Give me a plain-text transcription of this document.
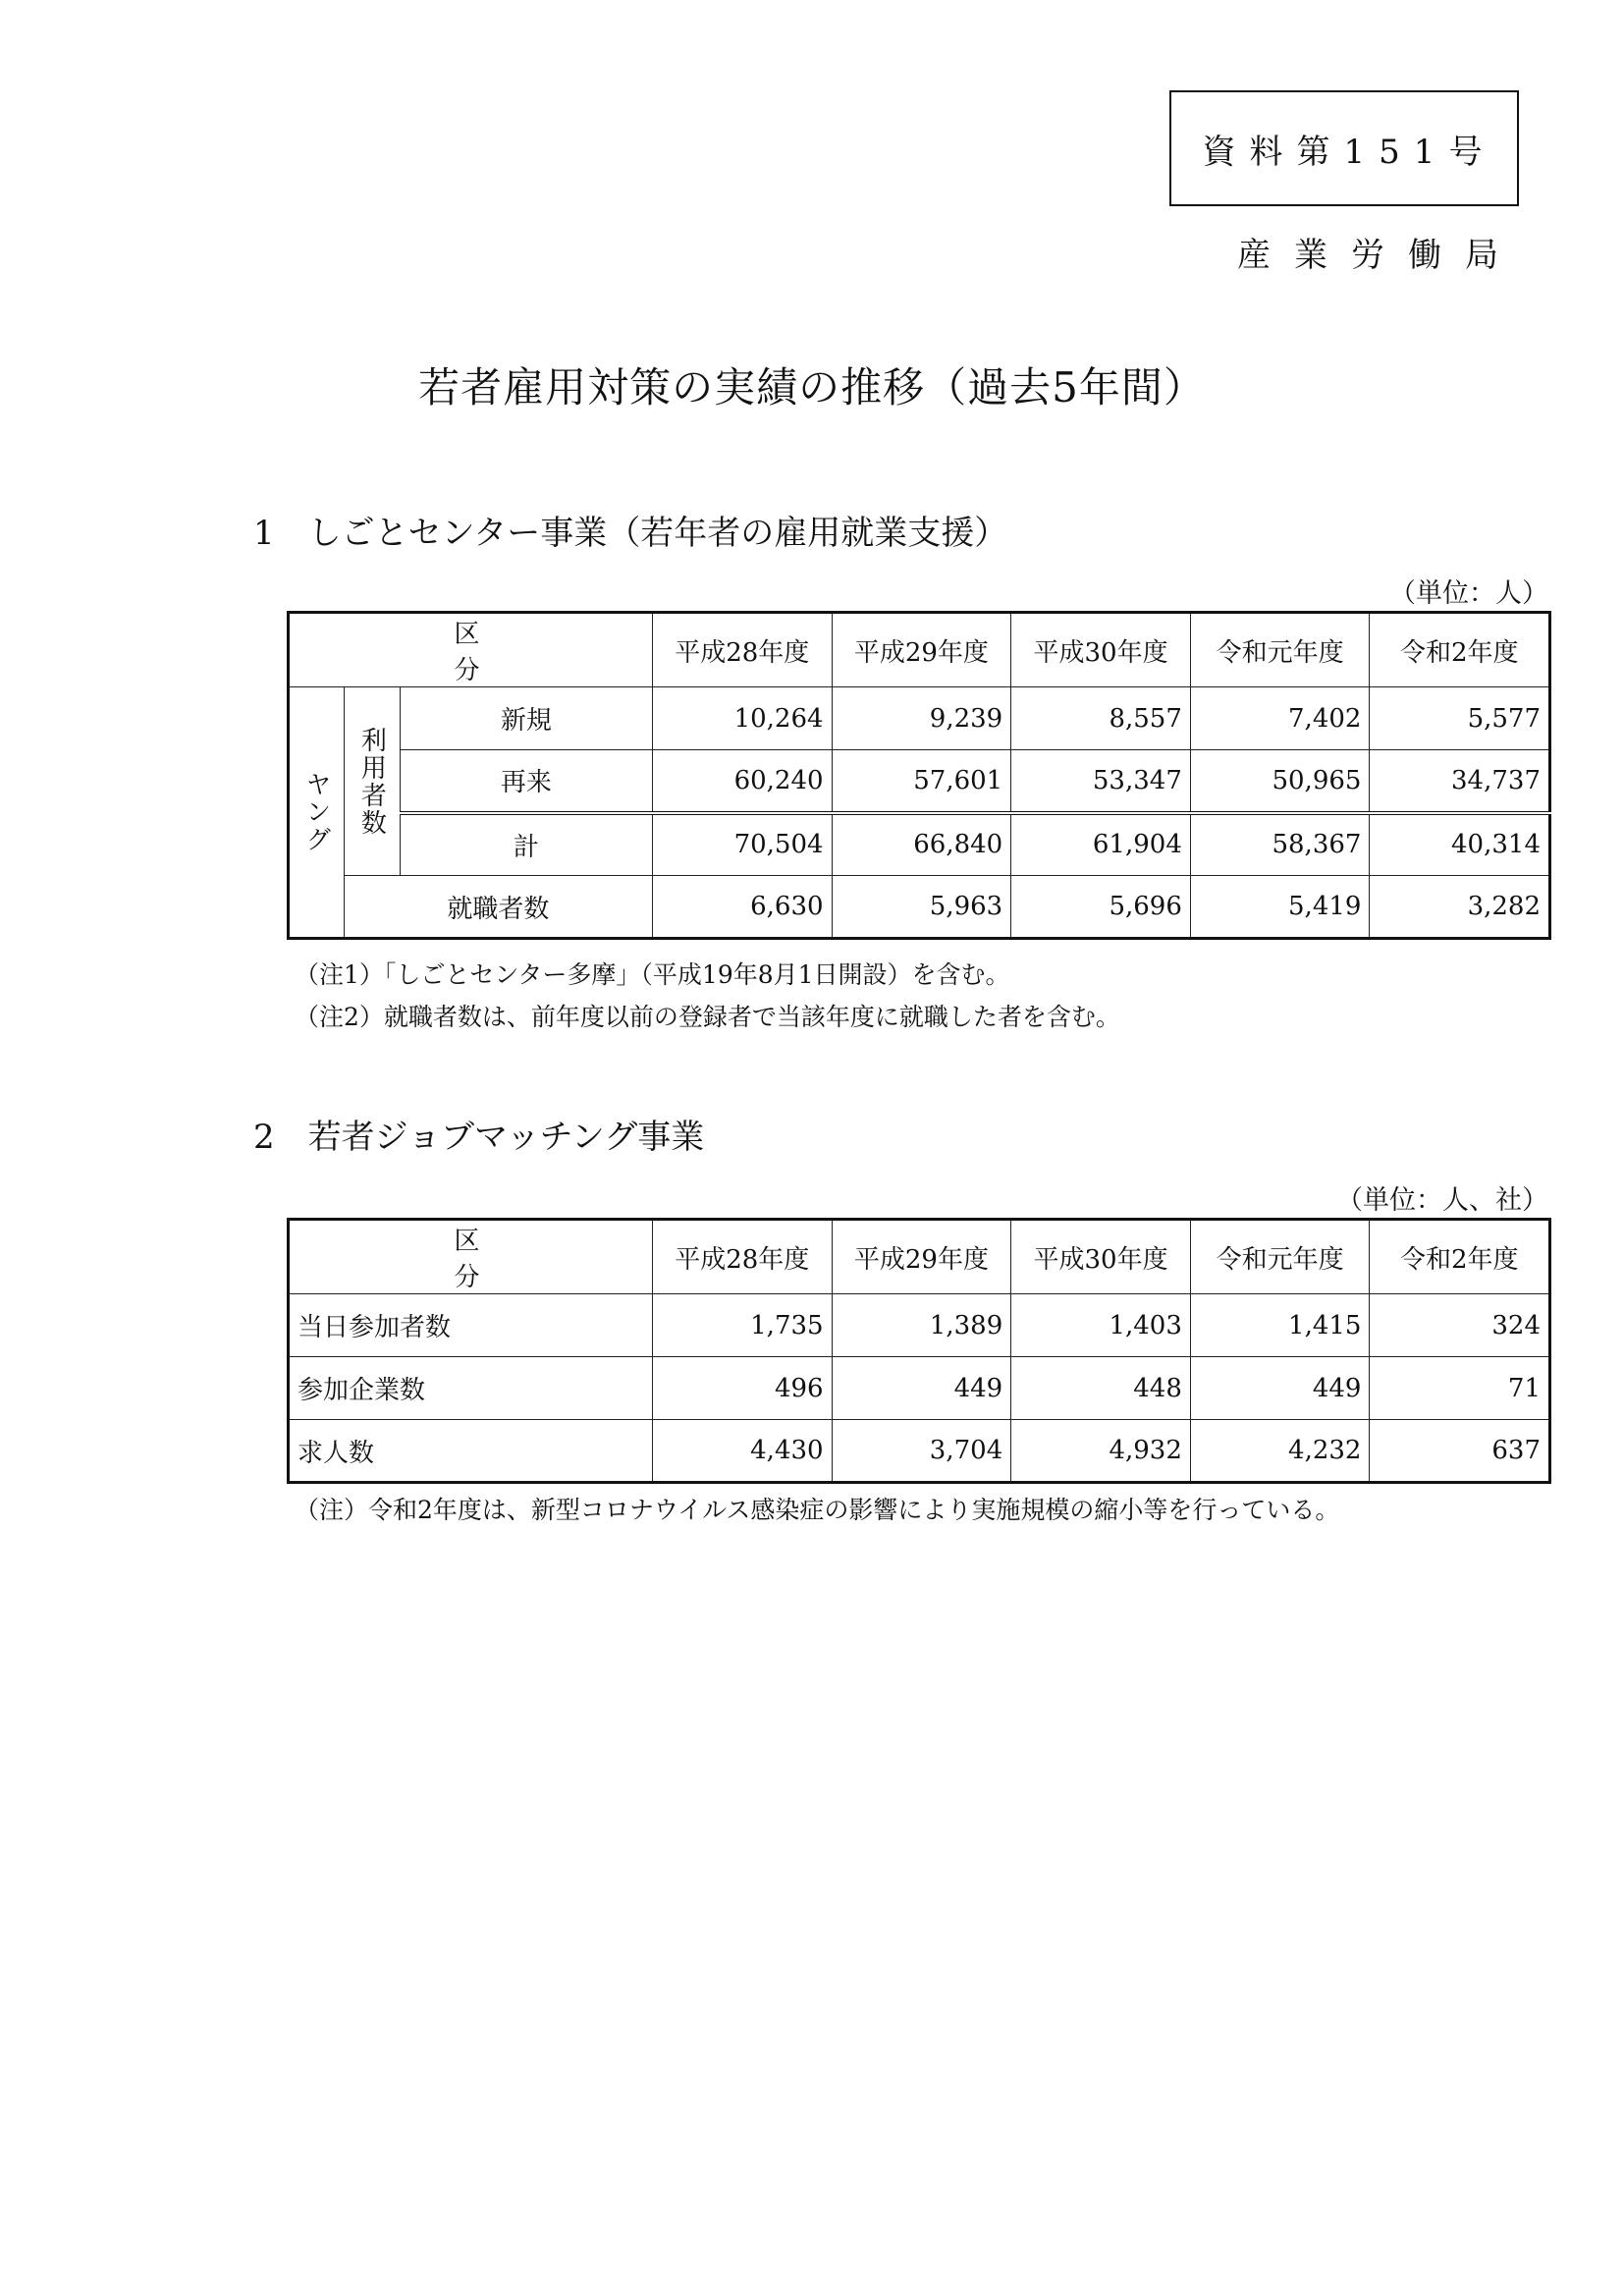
資料第151号
産業労働局
若者雇用対策の実績の推移（過去5年間）
1　しごとセンター事業（若年者の雇用就業支援）
（単位：人）
区分			平成28年度	平成29年度	平成30年度	令和元年度	令和2年度
ヤング	利用者数	新規	10,264	9,239	8,557	7,402	5,577
		再来	60,240	57,601	53,347	50,965	34,737
		計	70,504	66,840	61,904	58,367	40,314
	就職者数		6,630	5,963	5,696	5,419	3,282
（注1）「しごとセンター多摩」（平成19年8月1日開設）を含む。
（注2）就職者数は、前年度以前の登録者で当該年度に就職した者を含む。
2　若者ジョブマッチング事業
（単位：人、社）
区分	平成28年度	平成29年度	平成30年度	令和元年度	令和2年度
当日参加者数	1,735	1,389	1,403	1,415	324
参加企業数	496	449	448	449	71
求人数	4,430	3,704	4,932	4,232	637
（注）令和2年度は、新型コロナウイルス感染症の影響により実施規模の縮小等を行っている。
